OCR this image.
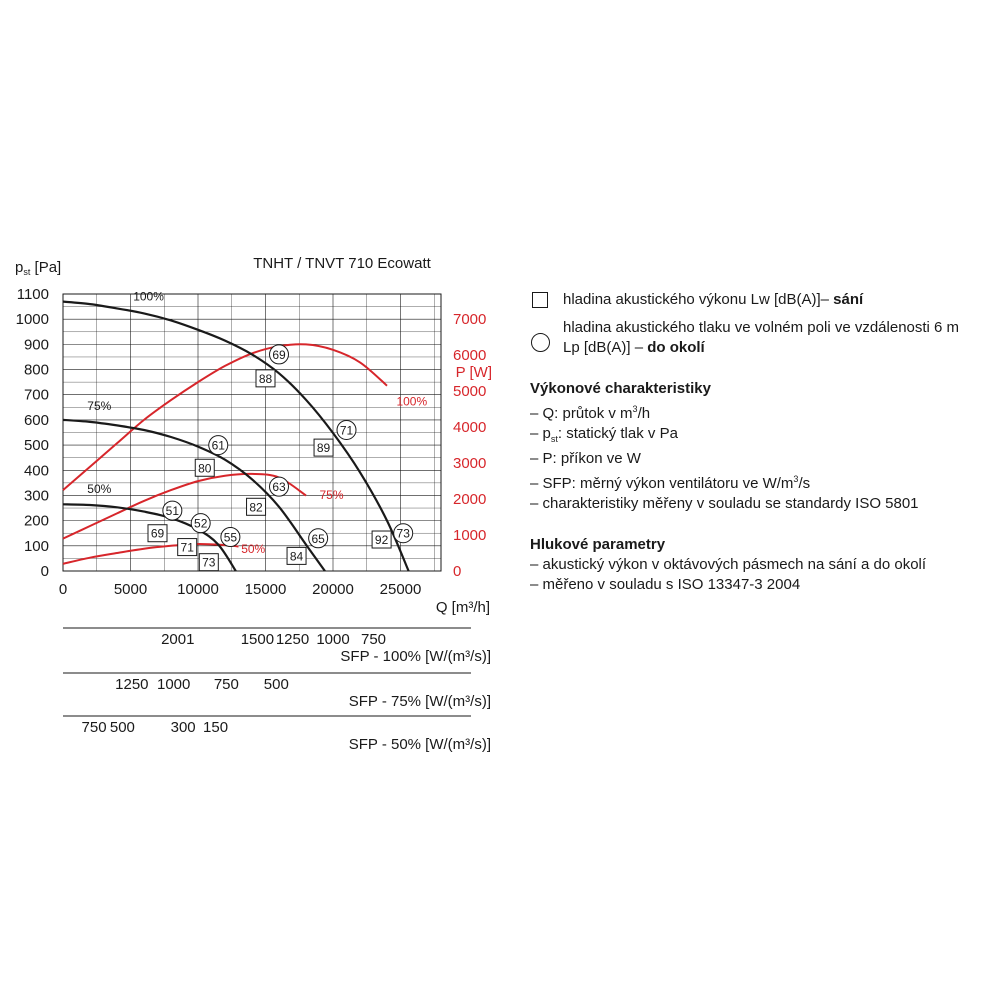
TNHT / TNVT 710 Ecowatt
$p_{st}$ [Pa]
P [W]
Q [m³/h]
0
100
200
300
400
500
600
700
800
900
1000
1100
0
1000
2000
3000
4000
5000
6000
7000
0	5000 10000 15000 20000 25000
100%
75%
50%
100%
75%
50%
88
89
92
80
82
84
69
71
73
69
71
73
61
63
65
51
52
55
2001	1500 1250 1000 750
SFP - 100% [W/(m³/s)]
1250 1000 750 500
SFP - 75% [W/(m³/s)]
750 500 300 150
SFP - 50% [W/(m³/s)]
hladina akustického výkonu Lw [dB(A)]– sání
hladina akustického tlaku ve volném poli ve vzdálenosti 6 m
Lp [dB(A)] – do okolí
Výkonové charakteristiky
– Q: průtok v $m^3/h$
– $p_{st}$: statický tlak v Pa
– P: příkon ve W
– SFP: měrný výkon ventilátoru ve $W/m^3/s$
– charakteristiky měřeny v souladu se standardy ISO 5801
Hlukové parametry
– akustický výkon v oktávových pásmech na sání a do okolí
– měřeno v souladu s ISO 13347-3 2004
